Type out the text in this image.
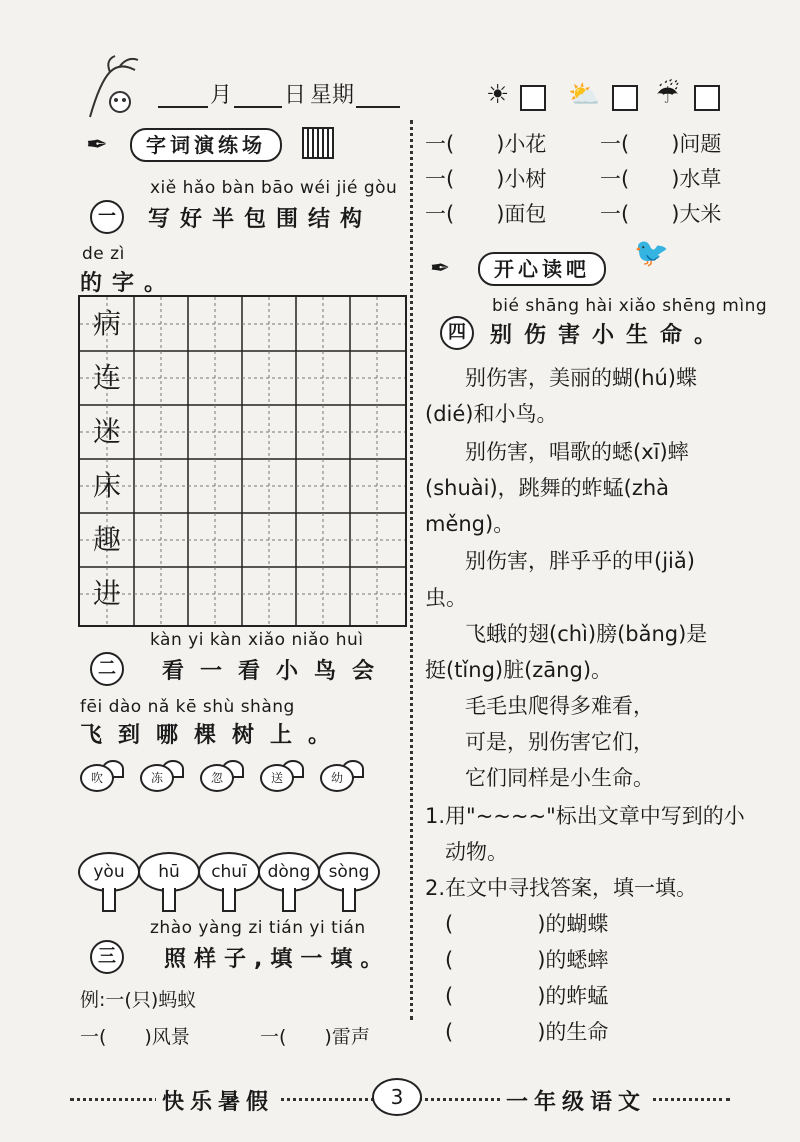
月 日 星期	☀ ⛅ ☔
✒	字词演练场
xiě hǎo bàn bāo wéi jié gòu
一	写好半包围结构
de zì
的字。
病
连
迷
床
趣
进
kàn yi kàn xiǎo niǎo huì
二	看一看小鸟会
fēi dào nǎ kē shù shàng
飞到哪棵树上。
吹	冻	忽	送	幼
yòu	hū	chuī	dòng	sòng
zhào yàng zi tián yi tián
三	照样子,填一填。
例:一(只)蚂蚁
一(　　)风景	一(　　)雷声
一(　　)小花	一(　　)问题
一(　　)小树	一(　　)水草
一(　　)面包	一(　　)大米
✒	开心读吧	🐦
bié shāng hài xiǎo shēng mìng
四	别伤害小生命。
别伤害，美丽的蝴(hú)蝶
(dié)和小鸟。
别伤害，唱歌的蟋(xī)蟀
(shuài)，跳舞的蚱蜢(zhà
měng)。
别伤害，胖乎乎的甲(jiǎ)
虫。
飞蛾的翅(chì)膀(bǎng)是
挺(tǐng)脏(zāng)。
毛毛虫爬得多难看，
可是，别伤害它们，
它们同样是小生命。
1.用"~~~~"标出文章中写到的小
动物。
2.在文中寻找答案，填一填。
(　　　　)的蝴蝶
(　　　　)的蟋蟀
(　　　　)的蚱蜢
(　　　　)的生命
快乐暑假	3	一年级语文
